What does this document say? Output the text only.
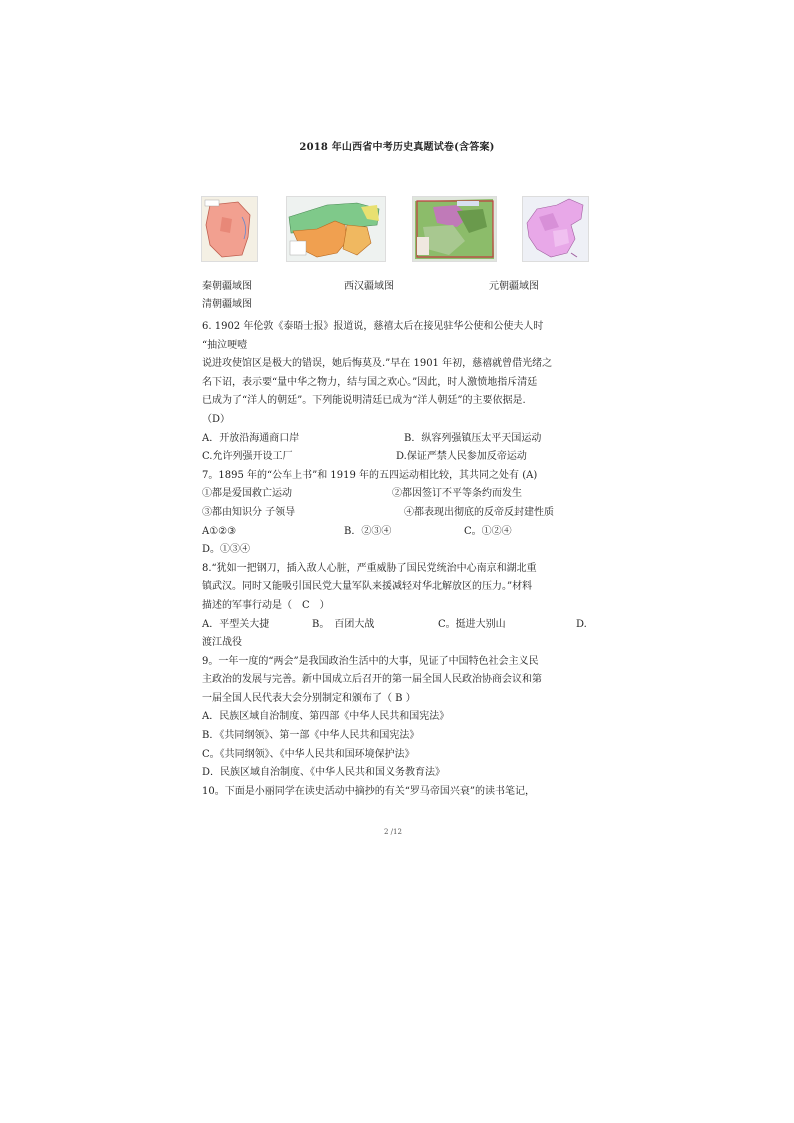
2018 年山西省中考历史真题试卷(含答案)
秦朝疆域图	西汉疆域图	元朝疆域图
清朝疆域图
6. 1902 年伦敦《泰晤士报》报道说，慈禧太后在接见驻华公使和公使夫人时
“抽泣哽噎
说进攻使馆区是极大的错误，她后悔莫及.”早在 1901 年初，慈禧就曾借光绪之
名下诏，表示要“量中华之物力，结与国之欢心。”因此，时人激愤地指斥清廷
已成为了“洋人的朝廷”。下列能说明清廷已成为“洋人朝廷”的主要依据是.
（D）
A．开放沿海通商口岸	B．纵容列强镇压太平天国运动
C.允许列强开设工厂	D.保证严禁人民参加反帝运动
7。1895 年的“公车上书”和 1919 年的五四运动相比较，其共同之处有 (A)
①都是爱国救亡运动	②都因签订不平等条约而发生
③都由知识分 子领导	④都表现出彻底的反帝反封建性质
A①②③	B．②③④	C。①②④
D。①③④
8.“犹如一把钢刀，插入敌人心脏，严重威胁了国民党统治中心南京和湖北重
镇武汉。同时又能吸引国民党大量军队来援减轻对华北解放区的压力。”材料
描述的军事行动是（　C　）
A．平型关大捷	B。　百团大战	C。挺进大别山	D.
渡江战役
9。一年一度的“两会”是我国政治生活中的大事，见证了中国特色社会主义民
主政治的发展与完善。新中国成立后召开的第一届全国人民政治协商会议和第
一届全国人民代表大会分别制定和颁布了（ B ）
A．民族区域自治制度、第四部《中华人民共和国宪法》
B．《共同纲领》、第一部《中华人民共和国宪法》
C。《共同纲领》、《中华人民共和国环境保护法》
D．民族区域自治制度、《中华人民共和国义务教育法》
10。下面是小丽同学在读史活动中摘抄的有关“罗马帝国兴衰”的读书笔记，
2 /12
